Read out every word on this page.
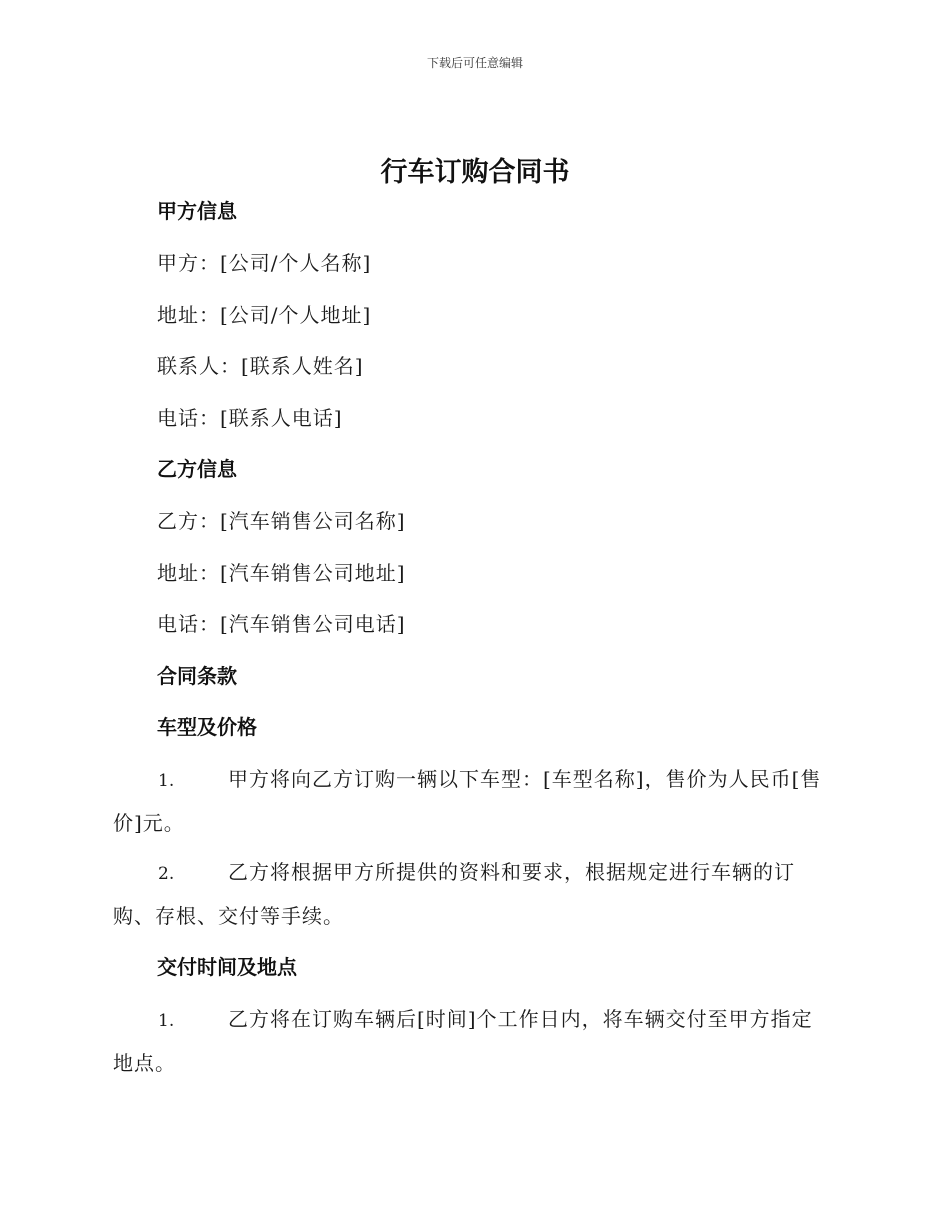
下载后可任意编辑
行车订购合同书
甲方信息
甲方：[公司/个人名称]
地址：[公司/个人地址]
联系人：[联系人姓名]
电话：[联系人电话]
乙方信息
乙方：[汽车销售公司名称]
地址：[汽车销售公司地址]
电话：[汽车销售公司电话]
合同条款
车型及价格
1.	甲方将向乙方订购一辆以下车型：[车型名称]，售价为人民币[售价]元。
2.	乙方将根据甲方所提供的资料和要求，根据规定进行车辆的订购、存根、交付等手续。
交付时间及地点
1.	乙方将在订购车辆后[时间]个工作日内，将车辆交付至甲方指定地点。
